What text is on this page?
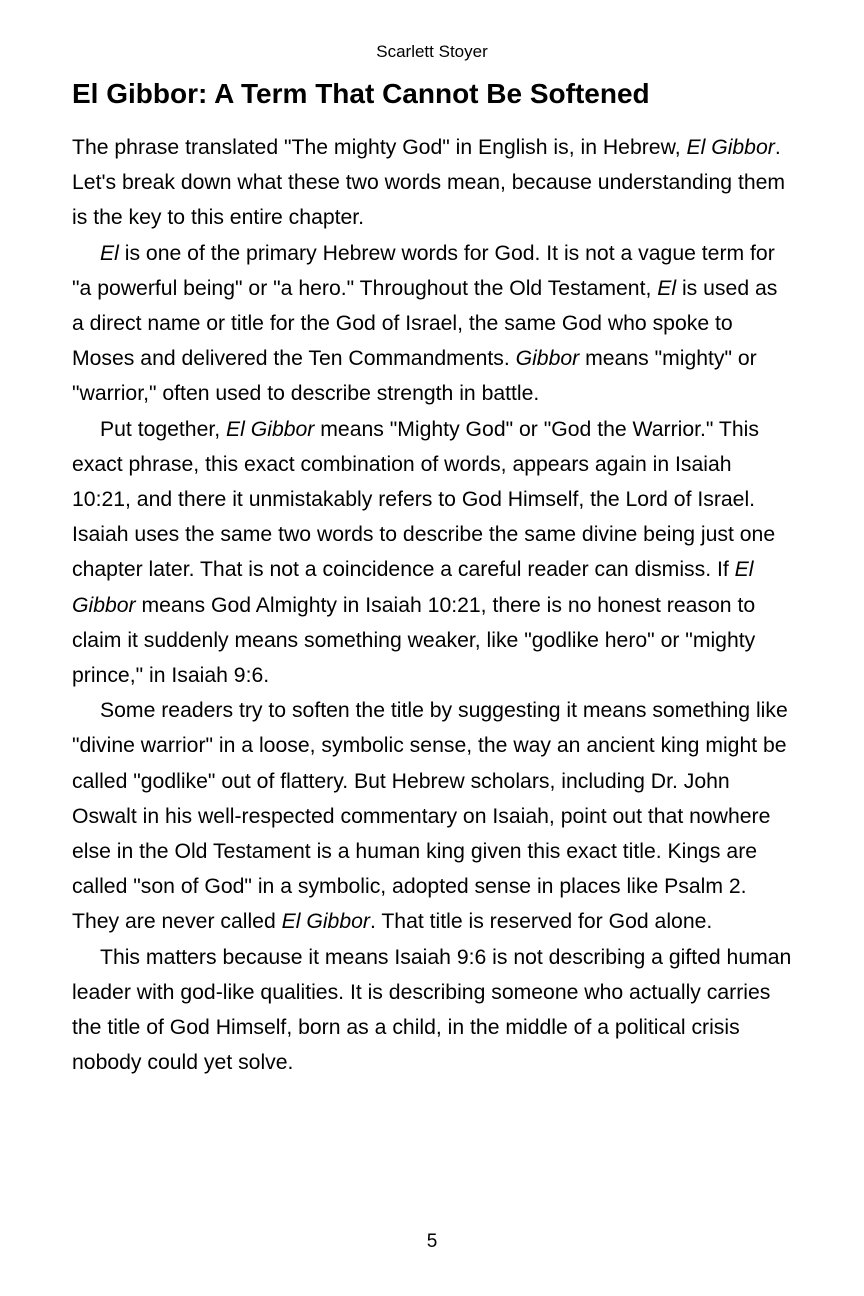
Scarlett Stoyer
El Gibbor: A Term That Cannot Be Softened

The phrase translated "The mighty God" in English is, in Hebrew, El Gibbor. Let's break down what these two words mean, because understanding them is the key to this entire chapter.

El is one of the primary Hebrew words for God. It is not a vague term for "a powerful being" or "a hero." Throughout the Old Testament, El is used as a direct name or title for the God of Israel, the same God who spoke to Moses and delivered the Ten Commandments. Gibbor means "mighty" or "warrior," often used to describe strength in battle.

Put together, El Gibbor means "Mighty God" or "God the Warrior." This exact phrase, this exact combination of words, appears again in Isaiah 10:21, and there it unmistakably refers to God Himself, the Lord of Israel. Isaiah uses the same two words to describe the same divine being just one chapter later. That is not a coincidence a careful reader can dismiss. If El Gibbor means God Almighty in Isaiah 10:21, there is no honest reason to claim it suddenly means something weaker, like "godlike hero" or "mighty prince," in Isaiah 9:6.

Some readers try to soften the title by suggesting it means something like "divine warrior" in a loose, symbolic sense, the way an ancient king might be called "godlike" out of flattery. But Hebrew scholars, including Dr. John Oswalt in his well-respected commentary on Isaiah, point out that nowhere else in the Old Testament is a human king given this exact title. Kings are called "son of God" in a symbolic, adopted sense in places like Psalm 2. They are never called El Gibbor. That title is reserved for God alone.

This matters because it means Isaiah 9:6 is not describing a gifted human leader with god-like qualities. It is describing someone who actually carries the title of God Himself, born as a child, in the middle of a political crisis nobody could yet solve.

5
